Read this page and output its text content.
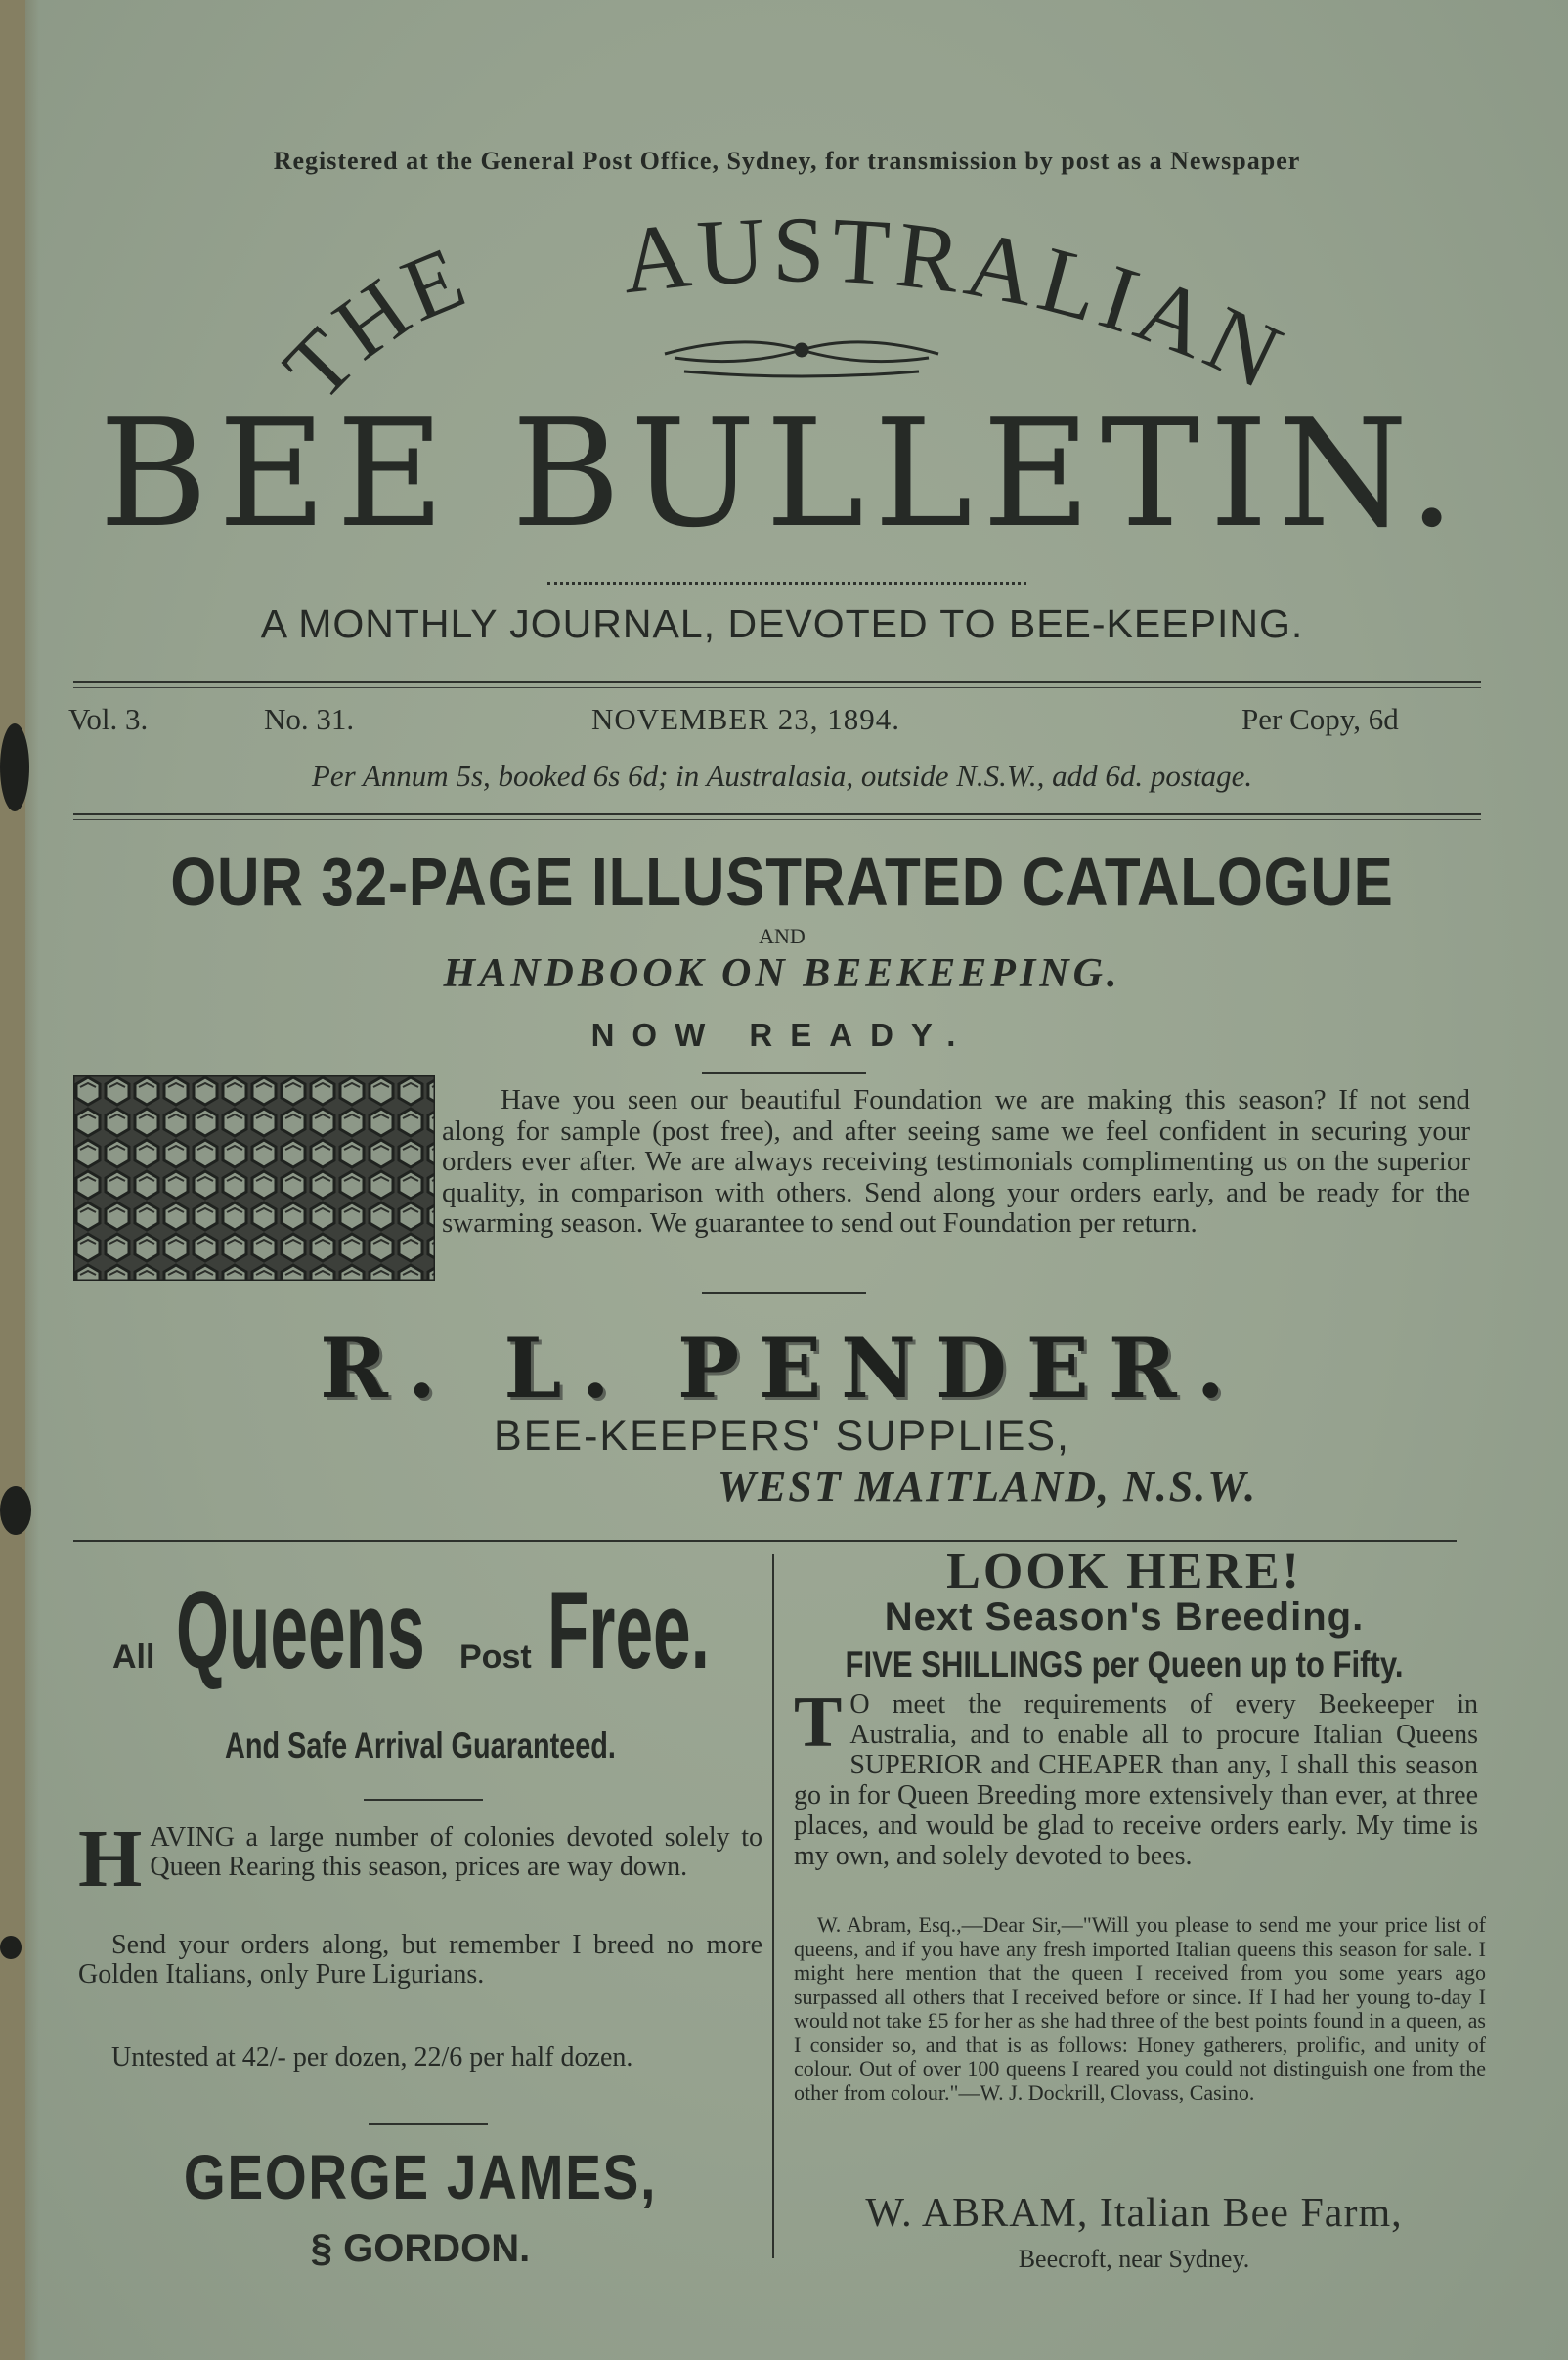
Registered at the General Post Office, Sydney, for transmission by post as a Newspaper
THE AUSTRALIAN
BEE BULLETIN.
A MONTHLY JOURNAL, DEVOTED TO BEE-KEEPING.
Vol. 3.	No. 31.	NOVEMBER 23, 1894.	Per Copy, 6d
Per Annum 5s, booked 6s 6d; in Australasia, outside N.S.W., add 6d. postage.
OUR 32-PAGE ILLUSTRATED CATALOGUE
AND
HANDBOOK ON BEEKEEPING.
NOW READY.

Have you seen our beautiful Foundation we are making this season? If not send along for sample (post free), and after seeing same we feel confident in securing your orders ever after. We are always receiving testimonials complimenting us on the superior quality, in comparison with others. Send along your orders early, and be ready for the swarming season. We guarantee to send out Foundation per return.

R. L. PENDER.
BEE-KEEPERS' SUPPLIES,
WEST MAITLAND, N.S.W.
All Queens Post Free.
And Safe Arrival Guaranteed.
HAVING a large number of colonies devoted solely to Queen Rearing this season, prices are way down.

Send your orders along, but remember I breed no more Golden Italians, only Pure Ligurians.

Untested at 42/- per dozen, 22/6 per half dozen.

GEORGE JAMES,
§ GORDON.
LOOK HERE!
Next Season's Breeding.
FIVE SHILLINGS per Queen up to Fifty.
T O meet the requirements of every Beekeeper in Australia, and to enable all to procure Italian Queens SUPERIOR and CHEAPER than any, I shall this season go in for Queen Breeding more extensively than ever, at three places, and would be glad to receive orders early. My time is my own, and solely devoted to bees.

W. Abram, Esq.,—Dear Sir,—"Will you please to send me your price list of queens, and if you have any fresh imported Italian queens this season for sale. I might here mention that the queen I received from you some years ago surpassed all others that I received before or since. If I had her young to-day I would not take £5 for her as she had three of the best points found in a queen, as I consider so, and that is as follows: Honey gatherers, prolific, and unity of colour. Out of over 100 queens I reared you could not distinguish one from the other from colour."—W. J. Dockrill, Clovass, Casino.

W. ABRAM, Italian Bee Farm,
Beecroft, near Sydney.
